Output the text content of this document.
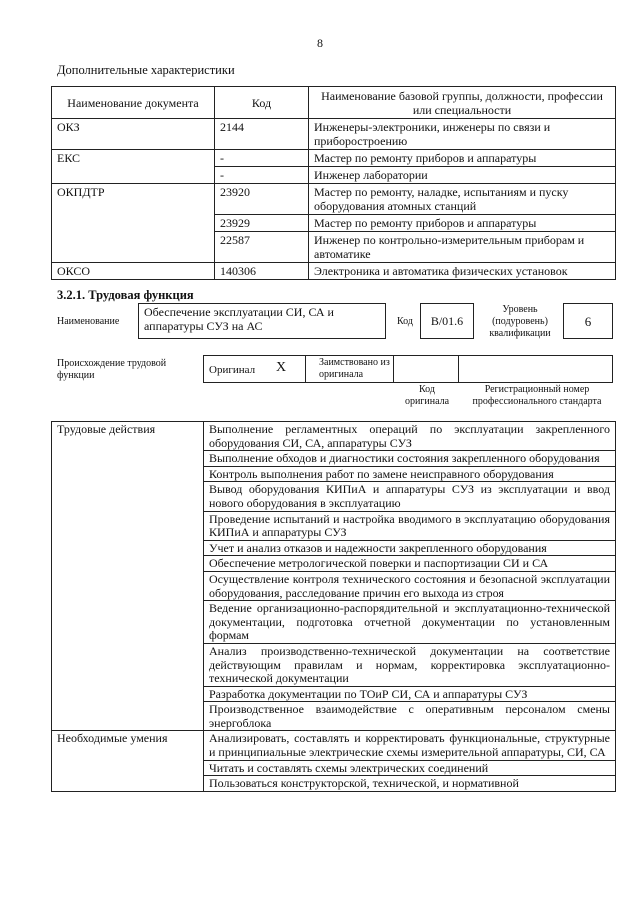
8
Дополнительные характеристики
Наименование документа	Код	Наименование базовой группы, должности, профессии или специальности
ОКЗ	2144	Инженеры-электроники, инженеры по связи и приборостроению
ЕКС	-	Мастер по ремонту приборов и аппаратуры
	-	Инженер лаборатории
ОКПДТР	23920	Мастер по ремонту, наладке, испытаниям и пуску оборудования атомных станций
	23929	Мастер по ремонту приборов и аппаратуры
	22587	Инженер по контрольно-измерительным приборам и автоматике
ОКСО	140306	Электроника и автоматика физических установок
3.2.1. Трудовая функция
Наименование
Обеспечение эксплуатации СИ, СА и аппаратуры СУЗ на АС	Код	B/01.6
Уровень (подуровень) квалификации
6
Происхождение трудовой функции	Оригинал X	Заимствовано из оригинала
Код оригинала
Регистрационный номер профессионального стандарта
Трудовые действия	Выполнение регламентных операций по эксплуатации закрепленного оборудования СИ, СА, аппаратуры СУЗ
	Выполнение обходов и диагностики состояния закрепленного оборудования
	Контроль выполнения работ по замене неисправного оборудования
	Вывод оборудования КИПиА и аппаратуры СУЗ из эксплуатации и ввод нового оборудования в эксплуатацию
	Проведение испытаний и настройка вводимого в эксплуатацию оборудования КИПиА и аппаратуры СУЗ
	Учет и анализ отказов и надежности закрепленного оборудования
	Обеспечение метрологической поверки и паспортизации СИ и СА
	Осуществление контроля технического состояния и безопасной эксплуатации оборудования, расследование причин его выхода из строя
	Ведение организационно-распорядительной и эксплуатационно-технической документации, подготовка отчетной документации по установленным формам
	Анализ производственно-технической документации на соответствие действующим правилам и нормам, корректировка эксплуатационно-технической документации
	Разработка документации по ТОиР СИ, СА и аппаратуры СУЗ
	Производственное взаимодействие с оперативным персоналом смены энергоблока
Необходимые умения	Анализировать, составлять и корректировать функциональные, структурные и принципиальные электрические схемы измерительной аппаратуры, СИ, СА
	Читать и составлять схемы электрических соединений
	Пользоваться конструкторской, технической, и нормативной
